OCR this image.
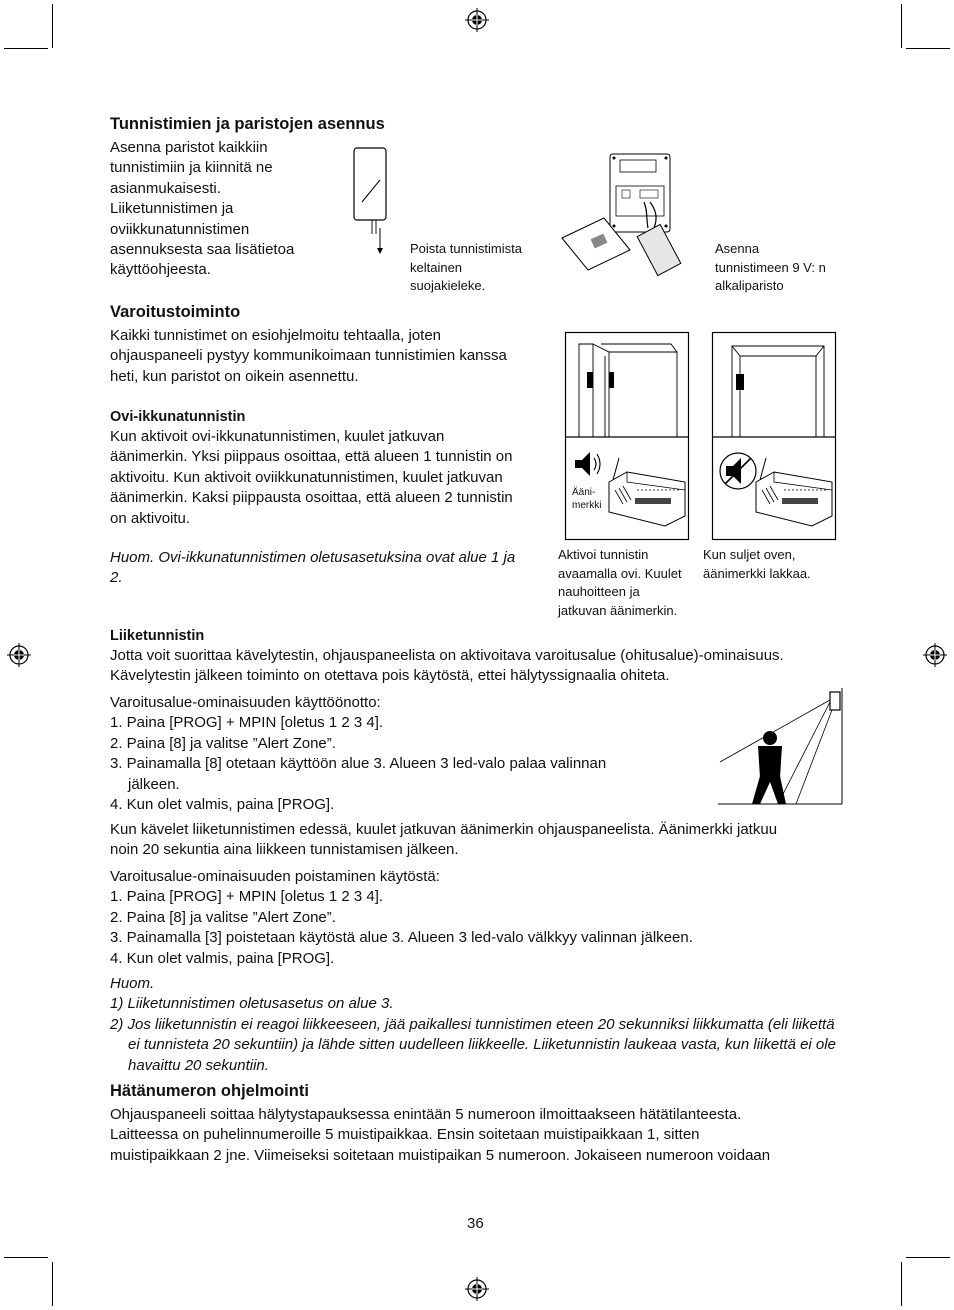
Tunnistimien ja paristojen asennus
Asenna paristot kaikkiin
tunnistimiin ja kiinnitä ne
asianmukaisesti.
Liiketunnistimen ja
oviikkunatunnistimen
asennuksesta saa lisätietoa
käyttöohjeesta.
Poista tunnistimista
keltainen
suojakieleke.
Asenna
tunnistimeen 9 V: n
alkaliparisto
Varoitustoiminto
Kaikki tunnistimet on esiohjelmoitu tehtaalla, joten
ohjauspaneeli pystyy kommunikoimaan tunnistimien kanssa
heti, kun paristot on oikein asennettu.
Ovi-ikkunatunnistin
Kun aktivoit ovi-ikkunatunnistimen, kuulet jatkuvan
äänimerkin. Yksi piippaus osoittaa, että alueen 1 tunnistin on
aktivoitu. Kun aktivoit oviikkunatunnistimen, kuulet jatkuvan
äänimerkin. Kaksi piippausta osoittaa, että alueen 2 tunnistin
on aktivoitu.
Huom. Ovi-ikkunatunnistimen oletusasetuksina ovat alue 1 ja
2.
Ääni-
merkki
Aktivoi tunnistin
avaamalla ovi. Kuulet
nauhoitteen ja
jatkuvan äänimerkin.
Kun suljet oven,
äänimerkki lakkaa.
Liiketunnistin
Jotta voit suorittaa kävelytestin, ohjauspaneelista on aktivoitava varoitusalue (ohitusalue)-ominaisuus.
Kävelytestin jälkeen toiminto on otettava pois käytöstä, ettei hälytyssignaalia ohiteta.
Varoitusalue-ominaisuuden käyttöönotto:
1. Paina [PROG] + MPIN [oletus 1 2 3 4].
2. Paina [8] ja valitse ”Alert Zone”.
3. Painamalla [8] otetaan käyttöön alue 3. Alueen 3 led-valo palaa valinnan jälkeen.
4. Kun olet valmis, paina [PROG].
Kun kävelet liiketunnistimen edessä, kuulet jatkuvan äänimerkin ohjauspaneelista. Äänimerkki jatkuu
noin 20 sekuntia aina liikkeen tunnistamisen jälkeen.
Varoitusalue-ominaisuuden poistaminen käytöstä:
1. Paina [PROG] + MPIN [oletus 1 2 3 4].
2. Paina [8] ja valitse ”Alert Zone”.
3. Painamalla [3] poistetaan käytöstä alue 3. Alueen 3 led-valo välkkyy valinnan jälkeen.
4. Kun olet valmis, paina [PROG].
Huom.
1) Liiketunnistimen oletusasetus on alue 3.
2) Jos liiketunnistin ei reagoi liikkeeseen, jää paikallesi tunnistimen eteen 20 sekunniksi liikkumatta (eli liikettä ei tunnisteta 20 sekuntiin) ja lähde sitten uudelleen liikkeelle. Liiketunnistin laukeaa vasta, kun liikettä ei ole havaittu 20 sekuntiin.
Hätänumeron ohjelmointi
Ohjauspaneeli soittaa hälytystapauksessa enintään 5 numeroon ilmoittaakseen hätätilanteesta.
Laitteessa on puhelinnumeroille 5 muistipaikkaa. Ensin soitetaan muistipaikkaan 1, sitten
muistipaikkaan 2 jne. Viimeiseksi soitetaan muistipaikan 5 numeroon. Jokaiseen numeroon voidaan
36
